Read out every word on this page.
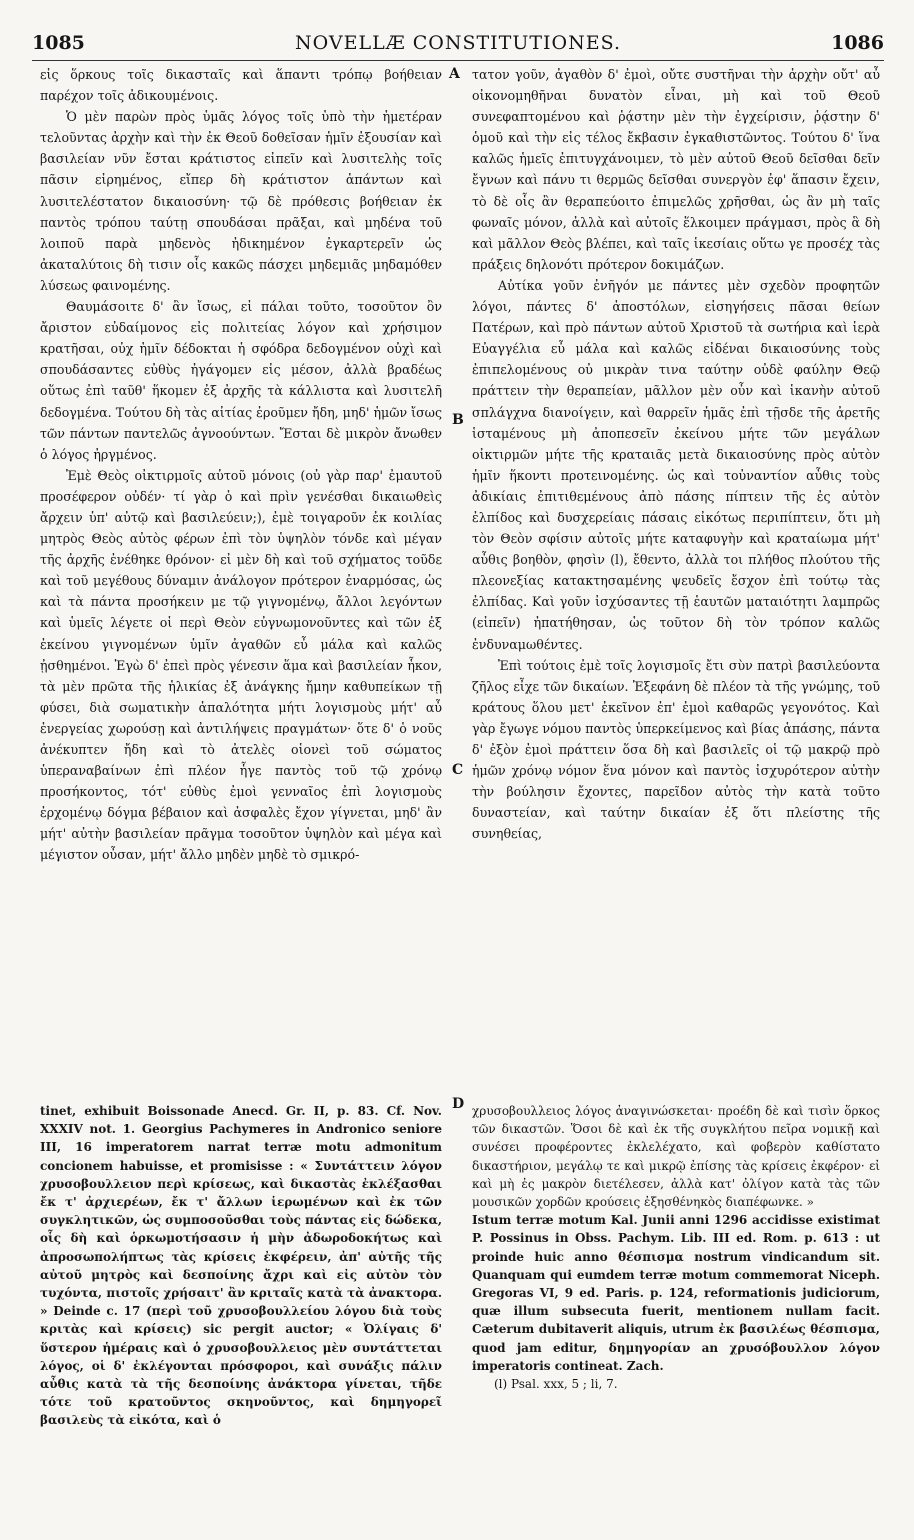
1085	NOVELLÆ CONSTITUTIONES.	1086

εἰς ὅρκους τοῖς δικασταῖς καὶ ἅπαντι τρόπῳ βοήθειαν παρέχον τοῖς ἀδικουμένοις.

Ὁ μὲν παρὼν πρὸς ὑμᾶς λόγος τοῖς ὑπὸ τὴν ἡμετέραν τελοῦντας ἀρχὴν καὶ τὴν ἐκ Θεοῦ δοθεῖσαν ἡμῖν ἐξουσίαν καὶ βασιλείαν νῦν ἔσται κράτιστος εἰπεῖν καὶ λυσιτελὴς τοῖς πᾶσιν εἰρημένος, εἴπερ δὴ κράτιστον ἁπάντων καὶ λυσιτελέστατον δικαιοσύνη· τῷ δὲ πρόθεσις βοήθειαν ἐκ παντὸς τρόπου ταύτῃ σπουδάσαι πρᾶξαι, καὶ μηδένα τοῦ λοιποῦ παρὰ μηδενὸς ἠδικημένον ἐγκαρτερεῖν ὡς ἀκαταλύτοις δὴ τισιν οἷς κακῶς πάσχει μηδεμιᾶς μηδαμόθεν λύσεως φαινομένης.

Θαυμάσοιτε δ' ἂν ἴσως, εἰ πάλαι τοῦτο, τοσοῦτον ὂν ἄριστον εὐδαίμονος εἰς πολιτείας λόγον καὶ χρήσιμον κρατῆσαι, οὐχ ἡμῖν δέδοκται ἡ σφόδρα δεδογμένον οὐχὶ καὶ σπουδάσαντες εὐθὺς ἠγάγομεν εἰς μέσον, ἀλλὰ βραδέως οὕτως ἐπὶ ταῦθ' ἥκομεν ἐξ ἀρχῆς τὰ κάλλιστα καὶ λυσιτελῆ δεδογμένα. Τούτου δὴ τὰς αἰτίας ἐροῦμεν ἤδη, μηδ' ἡμῶν ἴσως τῶν πάντων παντελῶς ἀγνοούντων. Ἔσται δὲ μικρὸν ἄνωθεν ὁ λόγος ἠργμένος.

Ἐμὲ Θεὸς οἰκτιρμοῖς αὐτοῦ μόνοις (οὐ γὰρ παρ' ἐμαυτοῦ προσέφερον οὐδέν· τί γὰρ ὁ καὶ πρὶν γενέσθαι δικαιωθεὶς ἄρχειν ὑπ' αὐτῷ καὶ βασιλεύειν;), ἐμὲ τοιγαροῦν ἐκ κοιλίας μητρὸς Θεὸς αὐτὸς φέρων ἐπὶ τὸν ὑψηλὸν τόνδε καὶ μέγαν τῆς ἀρχῆς ἐνέθηκε θρόνον· εἰ μὲν δὴ καὶ τοῦ σχήματος τοῦδε καὶ τοῦ μεγέθους δύναμιν ἀνάλογον πρότερον ἐναρμόσας, ὡς καὶ τὰ πάντα προσήκειν με τῷ γιγνομένῳ, ἄλλοι λεγόντων καὶ ὑμεῖς λέγετε οἱ περὶ Θεὸν εὐγνωμονοῦντες καὶ τῶν ἐξ ἐκείνου γιγνομένων ὑμῖν ἀγαθῶν εὖ μάλα καὶ καλῶς ᾐσθημένοι. Ἐγὼ δ' ἐπεὶ πρὸς γένεσιν ἅμα καὶ βασιλείαν ἧκον, τὰ μὲν πρῶτα τῆς ἡλικίας ἐξ ἀνάγκης ἤμην καθυπείκων τῇ φύσει, διὰ σωματικὴν ἁπαλότητα μήτι λογισμοὺς μήτ' αὖ ἐνεργείας χωρούσῃ καὶ ἀντιλήψεις πραγμάτων· ὅτε δ' ὁ νοῦς ἀνέκυπτεν ἤδη καὶ τὸ ἀτελὲς οἱονεὶ τοῦ σώματος ὑπεραναβαίνων ἐπὶ πλέον ἧγε παντὸς τοῦ τῷ χρόνῳ προσήκοντος, τότ' εὐθὺς ἐμοὶ γενναῖος ἐπὶ λογισμοὺς ἐρχομένῳ δόγμα βέβαιον καὶ ἀσφαλὲς ἔχον γίγνεται, μηδ' ἂν μήτ' αὐτὴν βασιλείαν πρᾶγμα τοσοῦτον ὑψηλὸν καὶ μέγα καὶ μέγιστον οὖσαν, μήτ' ἄλλο μηδὲν μηδὲ τὸ σμικρό-

A
B
C
D

τατον γοῦν, ἀγαθὸν δ' ἐμοὶ, οὔτε συστῆναι τὴν ἀρχὴν οὔτ' αὖ οἰκονομηθῆναι δυνατὸν εἶναι, μὴ καὶ τοῦ Θεοῦ συνεφαπτομένου καὶ ῥᾴστην μὲν τὴν ἐγχείρισιν, ῥᾴστην δ' ὁμοῦ καὶ τὴν εἰς τέλος ἔκβασιν ἐγκαθιστῶντος. Τούτου δ' ἵνα καλῶς ἡμεῖς ἐπιτυγχάνοιμεν, τὸ μὲν αὐτοῦ Θεοῦ δεῖσθαι δεῖν ἔγνων καὶ πάνυ τι θερμῶς δεῖσθαι συνεργὸν ἐφ' ἅπασιν ἔχειν, τὸ δὲ οἷς ἂν θεραπεύοιτο ἐπιμελῶς χρῆσθαι, ὡς ἂν μὴ ταῖς φωναῖς μόνον, ἀλλὰ καὶ αὐτοῖς ἕλκοιμεν πράγμασι, πρὸς ἃ δὴ καὶ μᾶλλον Θεὸς βλέπει, καὶ ταῖς ἱκεσίαις οὕτω γε προσέχ τὰς πράξεις δηλονότι πρότερον δοκιμάζων.

Αὐτίκα γοῦν ἐνῆγόν με πάντες μὲν σχεδὸν προφητῶν λόγοι, πάντες δ' ἀποστόλων, εἰσηγήσεις πᾶσαι θείων Πατέρων, καὶ πρὸ πάντων αὐτοῦ Χριστοῦ τὰ σωτήρια καὶ ἱερὰ Εὐαγγέλια εὖ μάλα καὶ καλῶς εἰδέναι δικαιοσύνης τοὺς ἐπιπελομένους οὐ μικρὰν τινα ταύτην οὐδὲ φαύλην Θεῷ πράττειν τὴν θεραπείαν, μᾶλλον μὲν οὖν καὶ ἱκανὴν αὐτοῦ σπλάγχνα διανοίγειν, καὶ θαρρεῖν ἡμᾶς ἐπὶ τῇσδε τῆς ἀρετῆς ἱσταμένους μὴ ἀποπεσεῖν ἐκείνου μήτε τῶν μεγάλων οἰκτιρμῶν μήτε τῆς κραταιᾶς μετὰ δικαιοσύνης πρὸς αὐτὸν ἡμῖν ἥκοντι προτεινομένης. ὡς καὶ τοὐναντίον αὖθις τοὺς ἀδικίαις ἐπιτιθεμένους ἀπὸ πάσης πίπτειν τῆς ἐς αὐτὸν ἐλπίδος καὶ δυσχερείαις πάσαις εἰκότως περιπίπτειν, ὅτι μὴ τὸν Θεὸν σφίσιν αὐτοῖς μήτε καταφυγὴν καὶ κραταίωμα μήτ' αὖθις βοηθὸν, φησὶν (l), ἔθεντο, ἀλλὰ τοι πλήθος πλούτου τῆς πλεονεξίας κατακτησαμένης ψευδεῖς ἔσχον ἐπὶ τούτῳ τὰς ἐλπίδας. Καὶ γοῦν ἰσχύσαντες τῇ ἑαυτῶν ματαιότητι λαμπρῶς (εἰπεῖν) ἠπατήθησαν, ὡς τοῦτον δὴ τὸν τρόπον καλῶς ἐνδυναμωθέντες.

Ἐπὶ τούτοις ἐμὲ τοῖς λογισμοῖς ἔτι σὺν πατρὶ βασιλεύοντα ζῆλος εἶχε τῶν δικαίων. Ἐξεφάνη δὲ πλέον τὰ τῆς γνώμης, τοῦ κράτους ὅλου μετ' ἐκεῖνον ἐπ' ἐμοὶ καθαρῶς γεγονότος. Καὶ γὰρ ἔγωγε νόμου παντὸς ὑπερκείμενος καὶ βίας ἁπάσης, πάντα δ' ἐξὸν ἐμοὶ πράττειν ὅσα δὴ καὶ βασιλεῖς οἱ τῷ μακρῷ πρὸ ἡμῶν χρόνῳ νόμον ἕνα μόνον καὶ παντὸς ἰσχυρότερον αὐτὴν τὴν βούλησιν ἔχοντες, παρεῖδον αὐτὸς τὴν κατὰ τοῦτο δυναστείαν, καὶ ταύτην δικαίαν ἐξ ὅτι πλείστης τῆς συνηθείας,

tinet, exhibuit Boissonade Anecd. Gr. II, p. 83. Cf. Nov. XXXIV not. 1. Georgius Pachymeres in Andronico seniore III, 16 imperatorem narrat terræ motu admonitum concionem habuisse, et promisisse : « Συντάττειν λόγον χρυσοβουλλειον περὶ κρίσεως, καὶ δικαστὰς ἐκλέξασθαι ἔκ τ' ἀρχιερέων, ἔκ τ' ἄλλων ἱερωμένων καὶ ἐκ τῶν συγκλητικῶν, ὡς συμποσοῦσθαι τοὺς πάντας εἰς δώδεκα, οἷς δὴ καὶ ὁρκωμοτήσασιν ἡ μὴν ἀδωροδοκήτως καὶ ἀπροσωπολήπτως τὰς κρίσεις ἐκφέρειν, ἀπ' αὐτῆς τῆς αὐτοῦ μητρὸς καὶ δεσποίνης ἄχρι καὶ εἰς αὐτὸν τὸν τυχόντα, πιστοῖς χρήσαιτ' ἂν κριταῖς κατὰ τὰ ἀνακτορα. » Deinde c. 17 (περὶ τοῦ χρυσοβουλλείου λόγου διὰ τοὺς κριτὰς καὶ κρίσεις) sic pergit auctor; « Ὀλίγαις δ' ὕστερον ἡμέραις καὶ ὁ χρυσοβουλλειος μὲν συντάττεται λόγος, οἱ δ' ἐκλέγονται πρόσφοροι, καὶ συνάξις πάλιν αὖθις κατὰ τὰ τῆς δεσποίνης ἀνάκτορα γίνεται, τῆδε τότε τοῦ κρατοῦντος σκηνοῦντος, καὶ δημηγορεῖ βασιλεὺς τὰ εἰκότα, καὶ ὁ

χρυσοβουλλειος λόγος ἀναγινώσκεται· προέδη δὲ καὶ τισὶν ὅρκος τῶν δικαστῶν. Ὅσοι δὲ καὶ ἐκ τῆς συγκλήτου πεῖρα νομικῇ καὶ συνέσει προφέροντες ἐκλελέχατο, καὶ φοβερὸν καθίστατο δικαστήριον, μεγάλῳ τε καὶ μικρῷ ἐπίσης τὰς κρίσεις ἐκφέρον· εἰ καὶ μὴ ἐς μακρὸν διετέλεσεν, ἀλλὰ κατ' ὀλίγον κατὰ τὰς τῶν μουσικῶν χορδῶν κρούσεις ἐξησθένηκὸς διαπέφωνκε. »

Istum terræ motum Kal. Junii anni 1296 accidisse existimat P. Possinus in Obss. Pachym. Lib. III ed. Rom. p. 613 : ut proinde huic anno θέσπισμα nostrum vindicandum sit. Quanquam qui eumdem terræ motum commemorat Niceph. Gregoras VI, 9 ed. Paris. p. 124, reformationis judiciorum, quæ illum subsecuta fuerit, mentionem nullam facit. Cæterum dubitaverit aliquis, utrum ἐκ βασιλέως θέσπισμα, quod jam editur, δημηγορίαν an χρυσόβουλλον λόγον imperatoris contineat. Zach.

(l) Psal. xxx, 5 ; li, 7.
